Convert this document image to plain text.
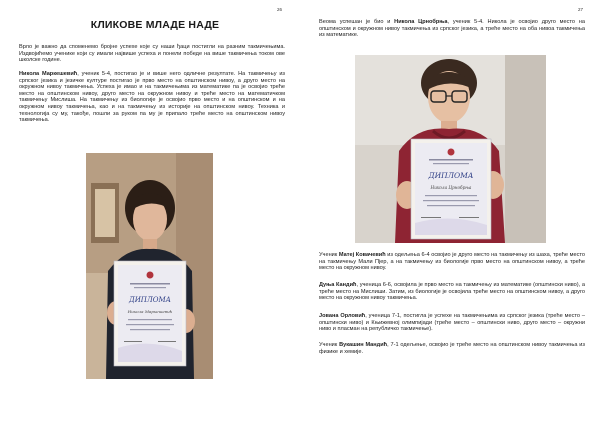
26
КЛИКОВЕ МЛАДЕ НАДЕ
Врло је важно да споменемо бројне успехе које су наши ђаци постигли на разним такмичењима. Издвојићемо ученике који су имали највише успеха и понели победе на више такмичења током ове школске године.
Никола Маркешевић, ученик 5-4, постигао је и више него одличне резултате. На такмичењу из српског језика и језичке културе постигао је прво место на општинском нивоу, а друго место на окружном нивоу такмичења. Успеха је имао и на такмичењима из математике па је освојио треће место на општинском нивоу, друго место на окружном нивоу и треће место на математичком такмичењу Мислиша. На такмичењу из биологије је освојио прво место и на општинском и на окружном нивоу такмичења, као и на такмичењу из историје на општинском нивоу. Техника и технологија су му, такође, пошли за руком па му је припало треће место на општинском нивоу такмичења.
ДИПЛОМА
Никола Маркешевић
27
Веома успешан је био и Никола Црнобрња, ученик 5-4. Никола је освојио друго место на општинском и окружном нивоу такмичења из српског језика, а треће место на оба нивоа такмичења из математике.
ДИПЛОМА
Никола Црнобрња
Ученик Матеј Ковачевић из одељења 6-4 освојио је друго место на такмичењу из шаха, треће место на такмичењу Мали Пјер, а на такмичењу из биологије прво место на општинском нивоу, а треће место на окружном нивоу.
Дуња Кандић, ученица 6-6, освојила је прво место на такмичењу из математике (општински ниво), а треће место на Мислиши. Затим, из биологије је освојила треће место на општинском нивоу, а друго место на окружном нивоу такмичења.
Јована Орловић, ученица 7-1, постигла је успехе на такмичењима из српског језика (треће место – општински ниво) и Књижевној олимпијади (треће место – општински ниво, друго место – окружни ниво и пласман на републичко такмичење).
Ученик Вукашин Мандић, 7-1 одељење, освојио је треће место на општинском нивоу такмичења из физике и хемије.
